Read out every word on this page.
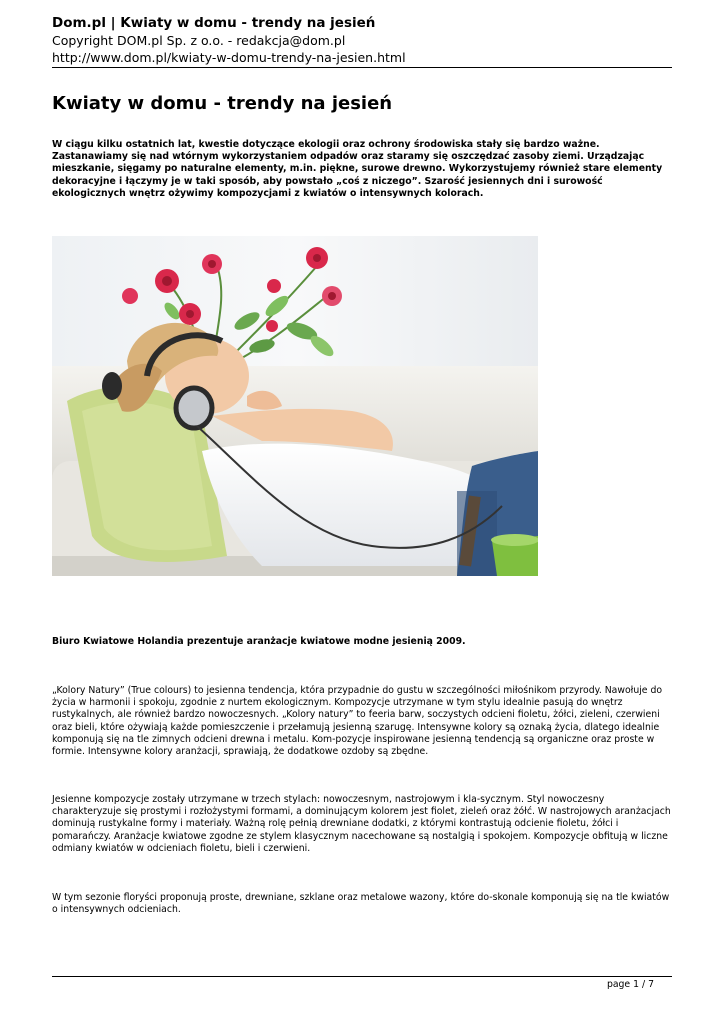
Dom.pl | Kwiaty w domu - trendy na jesień
Copyright DOM.pl Sp. z o.o. - redakcja@dom.pl
http://www.dom.pl/kwiaty-w-domu-trendy-na-jesien.html
Kwiaty w domu - trendy na jesień

W ciągu kilku ostatnich lat, kwestie dotyczące ekologii oraz ochrony środowiska stały się bardzo ważne. Zastanawiamy się nad wtórnym wykorzystaniem odpadów oraz staramy się oszczędzać zasoby ziemi. Urządzając mieszkanie, sięgamy po naturalne elementy, m.in. piękne, surowe drewno. Wykorzystujemy również stare elementy dekoracyjne i łączymy je w taki sposób, aby powstało „coś z niczego”. Szarość jesiennych dni i surowość ekologicznych wnętrz ożywimy kompozycjami z kwiatów o intensywnych kolorach.

Biuro Kwiatowe Holandia prezentuje aranżacje kwiatowe modne jesienią 2009.

„Kolory Natury” (True colours) to jesienna tendencja, która przypadnie do gustu w szczególności miłośnikom przyrody. Nawołuje do życia w harmonii i spokoju, zgodnie z nurtem ekologicznym. Kompozycje utrzymane w tym stylu idealnie pasują do wnętrz rustykalnych, ale również bardzo nowoczesnych. „Kolory natury” to feeria barw, soczystych odcieni fioletu, żółci, zieleni, czerwieni oraz bieli, które ożywiają każde pomieszczenie i przełamują jesienną szarugę. Intensywne kolory są oznaką życia, dlatego idealnie komponują się na tle zimnych odcieni drewna i metalu. Kom-pozycje inspirowane jesienną tendencją są organiczne oraz proste w formie. Intensywne kolory aranżacji, sprawiają, że dodatkowe ozdoby są zbędne.

Jesienne kompozycje zostały utrzymane w trzech stylach: nowoczesnym, nastrojowym i kla-sycznym. Styl nowoczesny charakteryzuje się prostymi i rozłożystymi formami, a dominującym kolorem jest fiolet, zieleń oraz żółć. W nastrojowych aranżacjach dominują rustykalne formy i materiały. Ważną rolę pełnią drewniane dodatki, z którymi kontrastują odcienie fioletu, żółci i pomarańczy. Aranżacje kwiatowe zgodne ze stylem klasycznym nacechowane są nostalgią i spokojem. Kompozycje obfitują w liczne odmiany kwiatów w odcieniach fioletu, bieli i czerwieni.

W tym sezonie floryści proponują proste, drewniane, szklane oraz metalowe wazony, które do-skonale komponują się na tle kwiatów o intensywnych odcieniach.

page 1 / 7
